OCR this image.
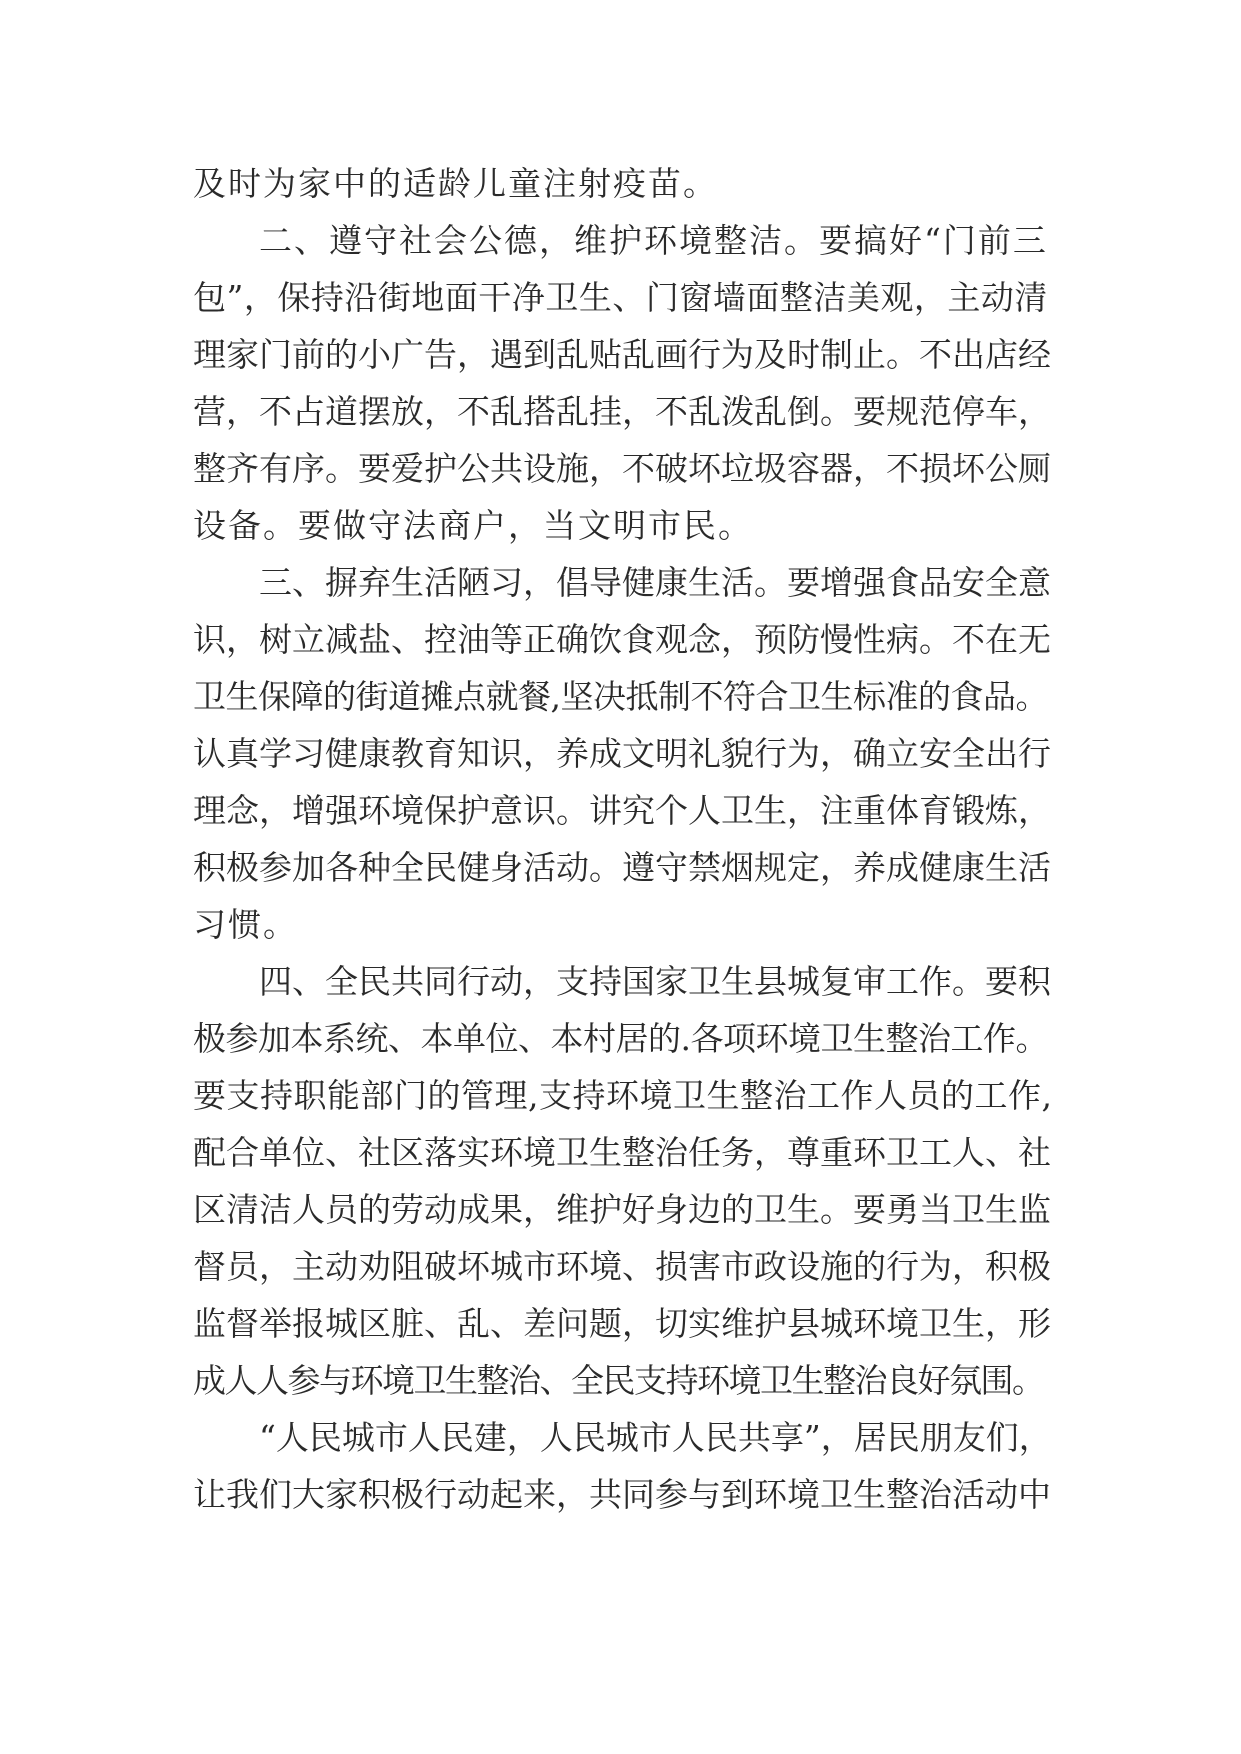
及时为家中的适龄儿童注射疫苗。
二、遵守社会公德，维护环境整洁。要搞好“门前三
包”，保持沿街地面干净卫生、门窗墙面整洁美观，主动清
理家门前的小广告，遇到乱贴乱画行为及时制止。不出店经
营，不占道摆放，不乱搭乱挂，不乱泼乱倒。要规范停车，
整齐有序。要爱护公共设施，不破坏垃圾容器，不损坏公厕
设备。要做守法商户，当文明市民。
三、摒弃生活陋习，倡导健康生活。要增强食品安全意
识，树立减盐、控油等正确饮食观念，预防慢性病。不在无
卫生保障的街道摊点就餐,坚决抵制不符合卫生标准的食品。
认真学习健康教育知识，养成文明礼貌行为，确立安全出行
理念，增强环境保护意识。讲究个人卫生，注重体育锻炼，
积极参加各种全民健身活动。遵守禁烟规定，养成健康生活
习惯。
四、全民共同行动，支持国家卫生县城复审工作。要积
极参加本系统、本单位、本村居的.各项环境卫生整治工作。
要支持职能部门的管理,支持环境卫生整治工作人员的工作,
配合单位、社区落实环境卫生整治任务，尊重环卫工人、社
区清洁人员的劳动成果，维护好身边的卫生。要勇当卫生监
督员，主动劝阻破坏城市环境、损害市政设施的行为，积极
监督举报城区脏、乱、差问题，切实维护县城环境卫生，形
成人人参与环境卫生整治、全民支持环境卫生整治良好氛围。
“人民城市人民建，人民城市人民共享”，居民朋友们，
让我们大家积极行动起来，共同参与到环境卫生整治活动中
